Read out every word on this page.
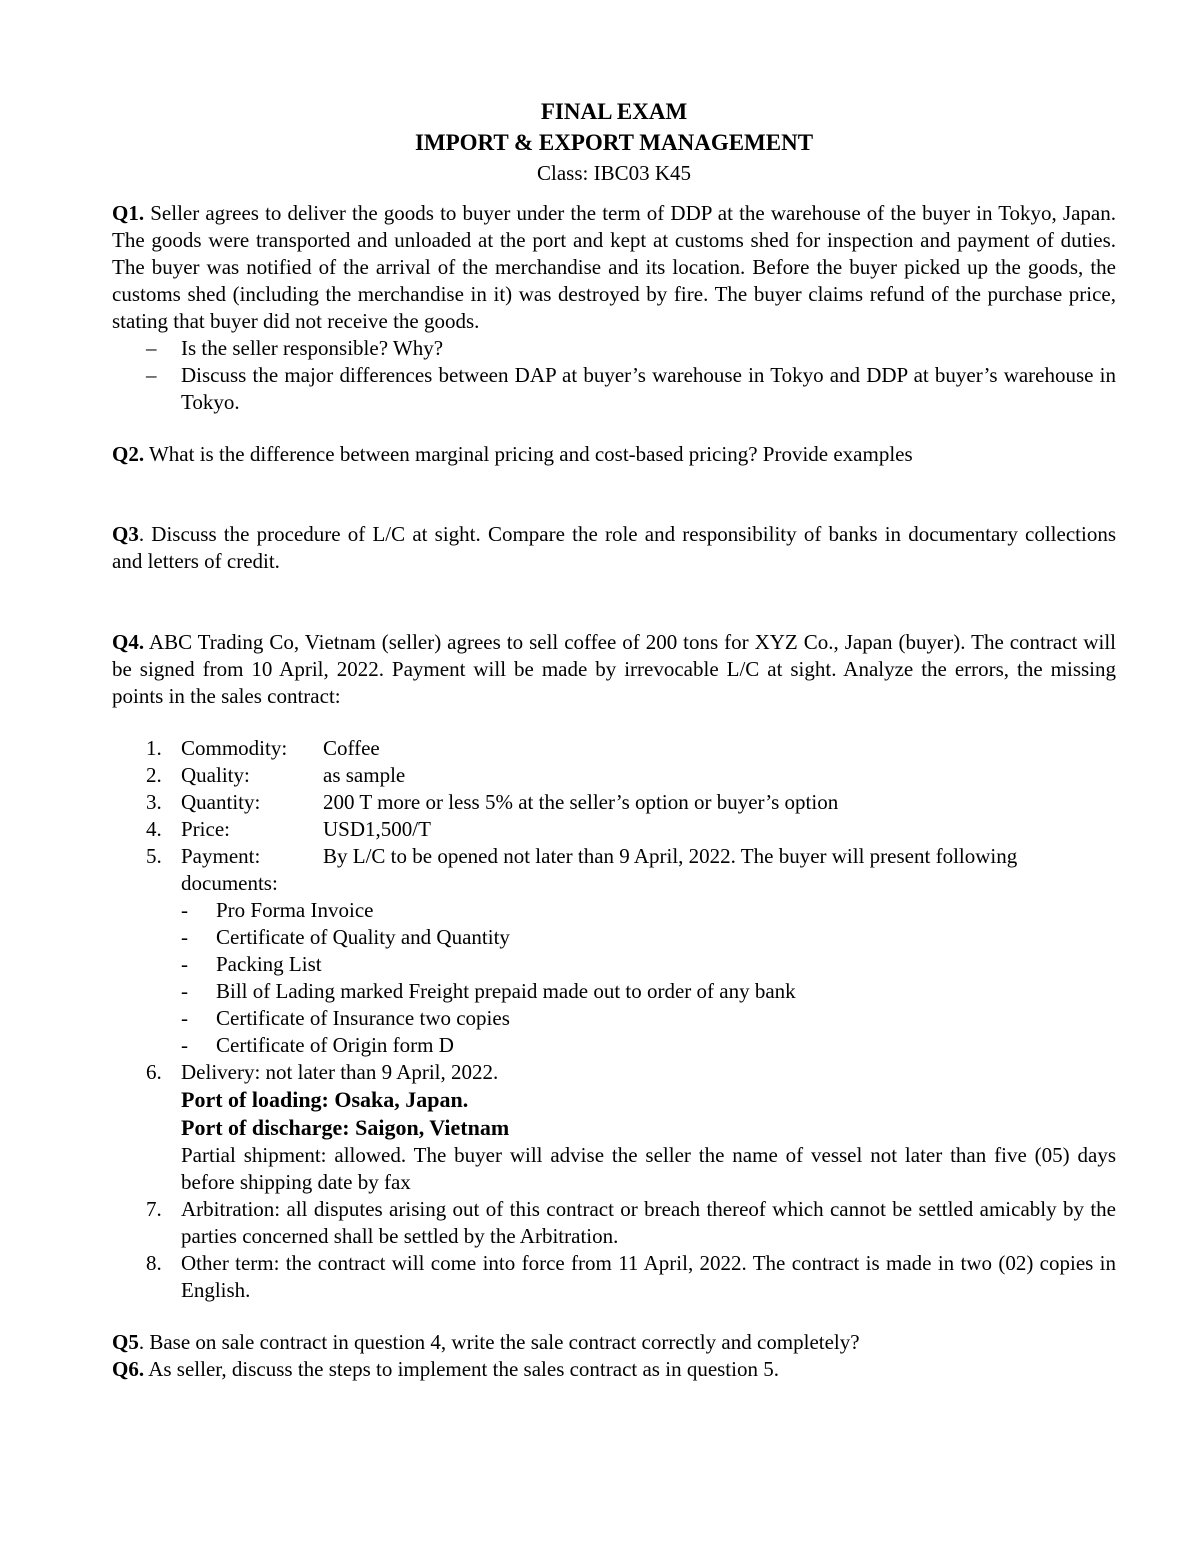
FINAL EXAM
IMPORT & EXPORT MANAGEMENT
Class: IBC03 K45

Q1. Seller agrees to deliver the goods to buyer under the term of DDP at the warehouse of the buyer in Tokyo, Japan. The goods were transported and unloaded at the port and kept at customs shed for inspection and payment of duties. The buyer was notified of the arrival of the merchandise and its location. Before the buyer picked up the goods, the customs shed (including the merchandise in it) was destroyed by fire. The buyer claims refund of the purchase price, stating that buyer did not receive the goods.

– Is the seller responsible? Why?
– Discuss the major differences between DAP at buyer’s warehouse in Tokyo and DDP at buyer’s warehouse in Tokyo.

Q2. What is the difference between marginal pricing and cost-based pricing? Provide examples

Q3. Discuss the procedure of L/C at sight. Compare the role and responsibility of banks in documentary collections and letters of credit.

Q4. ABC Trading Co, Vietnam (seller) agrees to sell coffee of 200 tons for XYZ Co., Japan (buyer). The contract will be signed from 10 April, 2022. Payment will be made by irrevocable L/C at sight. Analyze the errors, the missing points in the sales contract:

1. Commodity:	Coffee
2. Quality:	as sample
3. Quantity:	200 T more or less 5% at the seller’s option or buyer’s option
4. Price:	USD1,500/T
5. Payment:	By L/C to be opened not later than 9 April, 2022. The buyer will present following
documents:
- Pro Forma Invoice
- Certificate of Quality and Quantity
- Packing List
- Bill of Lading marked Freight prepaid made out to order of any bank
- Certificate of Insurance two copies
- Certificate of Origin form D
6. Delivery: not later than 9 April, 2022.
Port of loading: Osaka, Japan.
Port of discharge: Saigon, Vietnam
Partial shipment: allowed. The buyer will advise the seller the name of vessel not later than five (05) days before shipping date by fax
7. Arbitration: all disputes arising out of this contract or breach thereof which cannot be settled amicably by the parties concerned shall be settled by the Arbitration.
8. Other term: the contract will come into force from 11 April, 2022. The contract is made in two (02) copies in English.

Q5. Base on sale contract in question 4, write the sale contract correctly and completely?

Q6. As seller, discuss the steps to implement the sales contract as in question 5.
